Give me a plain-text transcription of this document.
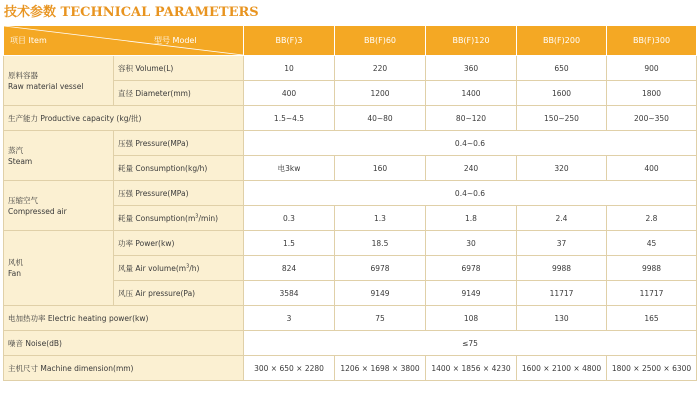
技术参数 TECHNICAL PARAMETERS
项目 Item 型号 Model		BB(F)3	BB(F)60	BB(F)120	BB(F)200	BB(F)300

原料容器
Raw material vessel	容积 Volume(L)	10	220	360	650	900
	直径 Diameter(mm)	400	1200	1400	1600	1800
生产能力 Productive capacity (kg/批)		1.5~4.5	40~80	80~120	150~250	200~350

蒸汽
Steam	压强 Pressure(MPa)	0.4~0.6				
	耗量 Consumption(kg/h)	电3kw	160	240	320	400

压缩空气
Compressed air	压强 Pressure(MPa)	0.4~0.6				
	耗量 $Consumption(m^3/\min)$	0.3	1.3	1.8	2.4	2.8

风机
Fan	功率 Power(kw)	1.5	18.5	30	37	45
	风量 Air $volume(m^3/h)$	824	6978	6978	9988	9988
	风压 Air pressure(Pa)	3584	9149	9149	11717	11717
电加热功率 Electric heating power(kw)		3	75	108	130	165
噪音 Noise(dB)		≤75				
主机尺寸 Machine dimension(mm)		300 × 650 × 2280	1206 × 1698 × 3800	1400 × 1856 × 4230	1600 × 2100 × 4800	1800 × 2500 × 6300
